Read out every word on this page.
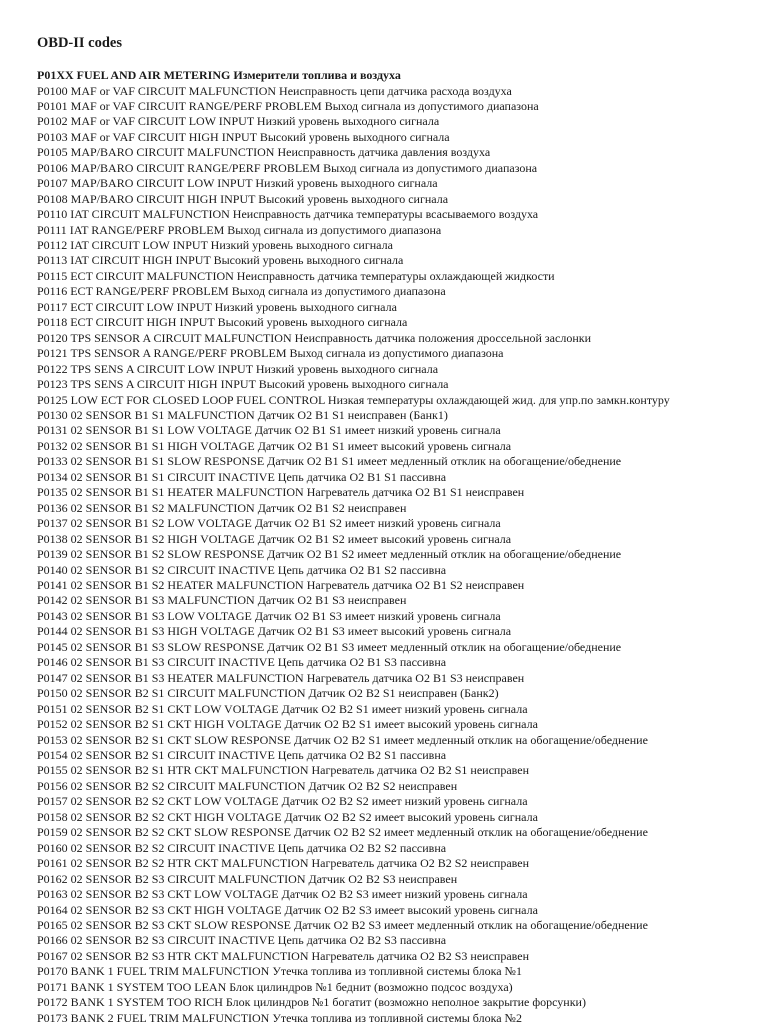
OBD-II codes
P01XX FUEL AND AIR METERING Измерители топлива и воздуха
P0100 MAF or VAF CIRCUIT MALFUNCTION Неисправность цепи датчика расхода воздуха
P0101 MAF or VAF CIRCUIT RANGE/PERF PROBLEM Выход сигнала из допустимого диапазона
P0102 MAF or VAF CIRCUIT LOW INPUT Низкий уровень выходного сигнала
P0103 MAF or VAF CIRCUIT HIGH INPUT Высокий уровень выходного сигнала
P0105 MAP/BARO CIRCUIT MALFUNCTION Неисправность датчика давления воздуха
P0106 MAP/BARO CIRCUIT RANGE/PERF PROBLEM Выход сигнала из допустимого диапазона
P0107 MAP/BARO CIRCUIT LOW INPUT Низкий уровень выходного сигнала
P0108 MAP/BARO CIRCUIT HIGH INPUT Высокий уровень выходного сигнала
P0110 IAT CIRCUIT MALFUNCTION Неисправность датчика температуры всасываемого воздуха
P0111 IAT RANGE/PERF PROBLEM Выход сигнала из допустимого диапазона
P0112 IAT CIRCUIT LOW INPUT Низкий уровень выходного сигнала
P0113 IAT CIRCUIT HIGH INPUT Высокий уровень выходного сигнала
P0115 ECT CIRCUIT MALFUNCTION Неисправность датчика температуры охлаждающей жидкости
P0116 ECT RANGE/PERF PROBLEM Выход сигнала из допустимого диапазона
P0117 ECT CIRCUIT LOW INPUT Низкий уровень выходного сигнала
P0118 ECT CIRCUIT HIGH INPUT Высокий уровень выходного сигнала
P0120 TPS SENSOR A CIRCUIT MALFUNCTION Неисправность датчика положения дроссельной заслонки
P0121 TPS SENSOR A RANGE/PERF PROBLEM Выход сигнала из допустимого диапазона
P0122 TPS SENS A CIRCUIT LOW INPUT Низкий уровень выходного сигнала
P0123 TPS SENS A CIRCUIT HIGH INPUT Высокий уровень выходного сигнала
P0125 LOW ECT FOR CLOSED LOOP FUEL CONTROL Низкая температуры охлаждающей жид. для упр.по замкн.контуру
P0130 02 SENSOR B1 S1 MALFUNCTION Датчик O2 B1 S1 неисправен (Банк1)
P0131 02 SENSOR B1 S1 LOW VOLTAGE Датчик O2 B1 S1 имеет низкий уровень сигнала
P0132 02 SENSOR B1 S1 HIGH VOLTAGE Датчик O2 B1 S1 имеет высокий уровень сигнала
P0133 02 SENSOR B1 S1 SLOW RESPONSE Датчик O2 B1 S1 имеет медленный отклик на обогащение/обеднение
P0134 02 SENSOR B1 S1 CIRCUIT INACTIVE Цепь датчика O2 B1 S1 пассивна
P0135 02 SENSOR B1 S1 HEATER MALFUNCTION Нагреватель датчика O2 B1 S1 неисправен
P0136 02 SENSOR B1 S2 MALFUNCTION Датчик O2 B1 S2 неисправен
P0137 02 SENSOR B1 S2 LOW VOLTAGE Датчик O2 B1 S2 имеет низкий уровень сигнала
P0138 02 SENSOR B1 S2 HIGH VOLTAGE Датчик O2 B1 S2 имеет высокий уровень сигнала
P0139 02 SENSOR B1 S2 SLOW RESPONSE Датчик O2 B1 S2 имеет медленный отклик на обогащение/обеднение
P0140 02 SENSOR B1 S2 CIRCUIT INACTIVE Цепь датчика O2 B1 S2 пассивна
P0141 02 SENSOR B1 S2 HEATER MALFUNCTION Нагреватель датчика O2 B1 S2 неисправен
P0142 02 SENSOR B1 S3 MALFUNCTION Датчик O2 B1 S3 неисправен
P0143 02 SENSOR B1 S3 LOW VOLTAGE Датчик O2 B1 S3 имеет низкий уровень сигнала
P0144 02 SENSOR B1 S3 HIGH VOLTAGE Датчик O2 B1 S3 имеет высокий уровень сигнала
P0145 02 SENSOR B1 S3 SLOW RESPONSE Датчик O2 B1 S3 имеет медленный отклик на обогащение/обеднение
P0146 02 SENSOR B1 S3 CIRCUIT INACTIVE Цепь датчика O2 B1 S3 пассивна
P0147 02 SENSOR B1 S3 HEATER MALFUNCTION Нагреватель датчика O2 B1 S3 неисправен
P0150 02 SENSOR B2 S1 CIRCUIT MALFUNCTION Датчик O2 B2 S1 неисправен (Банк2)
P0151 02 SENSOR B2 S1 CKT LOW VOLTAGE Датчик O2 B2 S1 имеет низкий уровень сигнала
P0152 02 SENSOR B2 S1 CKT HIGH VOLTAGE Датчик O2 B2 S1 имеет высокий уровень сигнала
P0153 02 SENSOR B2 S1 CKT SLOW RESPONSE Датчик O2 B2 S1 имеет медленный отклик на обогащение/обеднение
P0154 02 SENSOR B2 S1 CIRCUIT INACTIVE Цепь датчика O2 B2 S1 пассивна
P0155 02 SENSOR B2 S1 HTR CKT MALFUNCTION Нагреватель датчика O2 B2 S1 неисправен
P0156 02 SENSOR B2 S2 CIRCUIT MALFUNCTION Датчик O2 B2 S2 неисправен
P0157 02 SENSOR B2 S2 CKT LOW VOLTAGE Датчик O2 B2 S2 имеет низкий уровень сигнала
P0158 02 SENSOR B2 S2 CKT HIGH VOLTAGE Датчик O2 B2 S2 имеет высокий уровень сигнала
P0159 02 SENSOR B2 S2 CKT SLOW RESPONSE Датчик O2 B2 S2 имеет медленный отклик на обогащение/обеднение
P0160 02 SENSOR B2 S2 CIRCUIT INACTIVE Цепь датчика O2 B2 S2 пассивна
P0161 02 SENSOR B2 S2 HTR CKT MALFUNCTION Нагреватель датчика O2 B2 S2 неисправен
P0162 02 SENSOR B2 S3 CIRCUIT MALFUNCTION Датчик O2 B2 S3 неисправен
P0163 02 SENSOR B2 S3 CKT LOW VOLTAGE Датчик O2 B2 S3 имеет низкий уровень сигнала
P0164 02 SENSOR B2 S3 CKT HIGH VOLTAGE Датчик O2 B2 S3 имеет высокий уровень сигнала
P0165 02 SENSOR B2 S3 CKT SLOW RESPONSE Датчик O2 B2 S3 имеет медленный отклик на обогащение/обеднение
P0166 02 SENSOR B2 S3 CIRCUIT INACTIVE Цепь датчика O2 B2 S3 пассивна
P0167 02 SENSOR B2 S3 HTR CKT MALFUNCTION Нагреватель датчика O2 B2 S3 неисправен
P0170 BANK 1 FUEL TRIM MALFUNCTION Утечка топлива из топливной системы блока №1
P0171 BANK 1 SYSTEM TOO LEAN Блок цилиндров №1 беднит (возможно подсос воздуха)
P0172 BANK 1 SYSTEM TOO RICH Блок цилиндров №1 богатит (возможно неполное закрытие форсунки)
P0173 BANK 2 FUEL TRIM MALFUNCTION Утечка топлива из топливной системы блока №2
